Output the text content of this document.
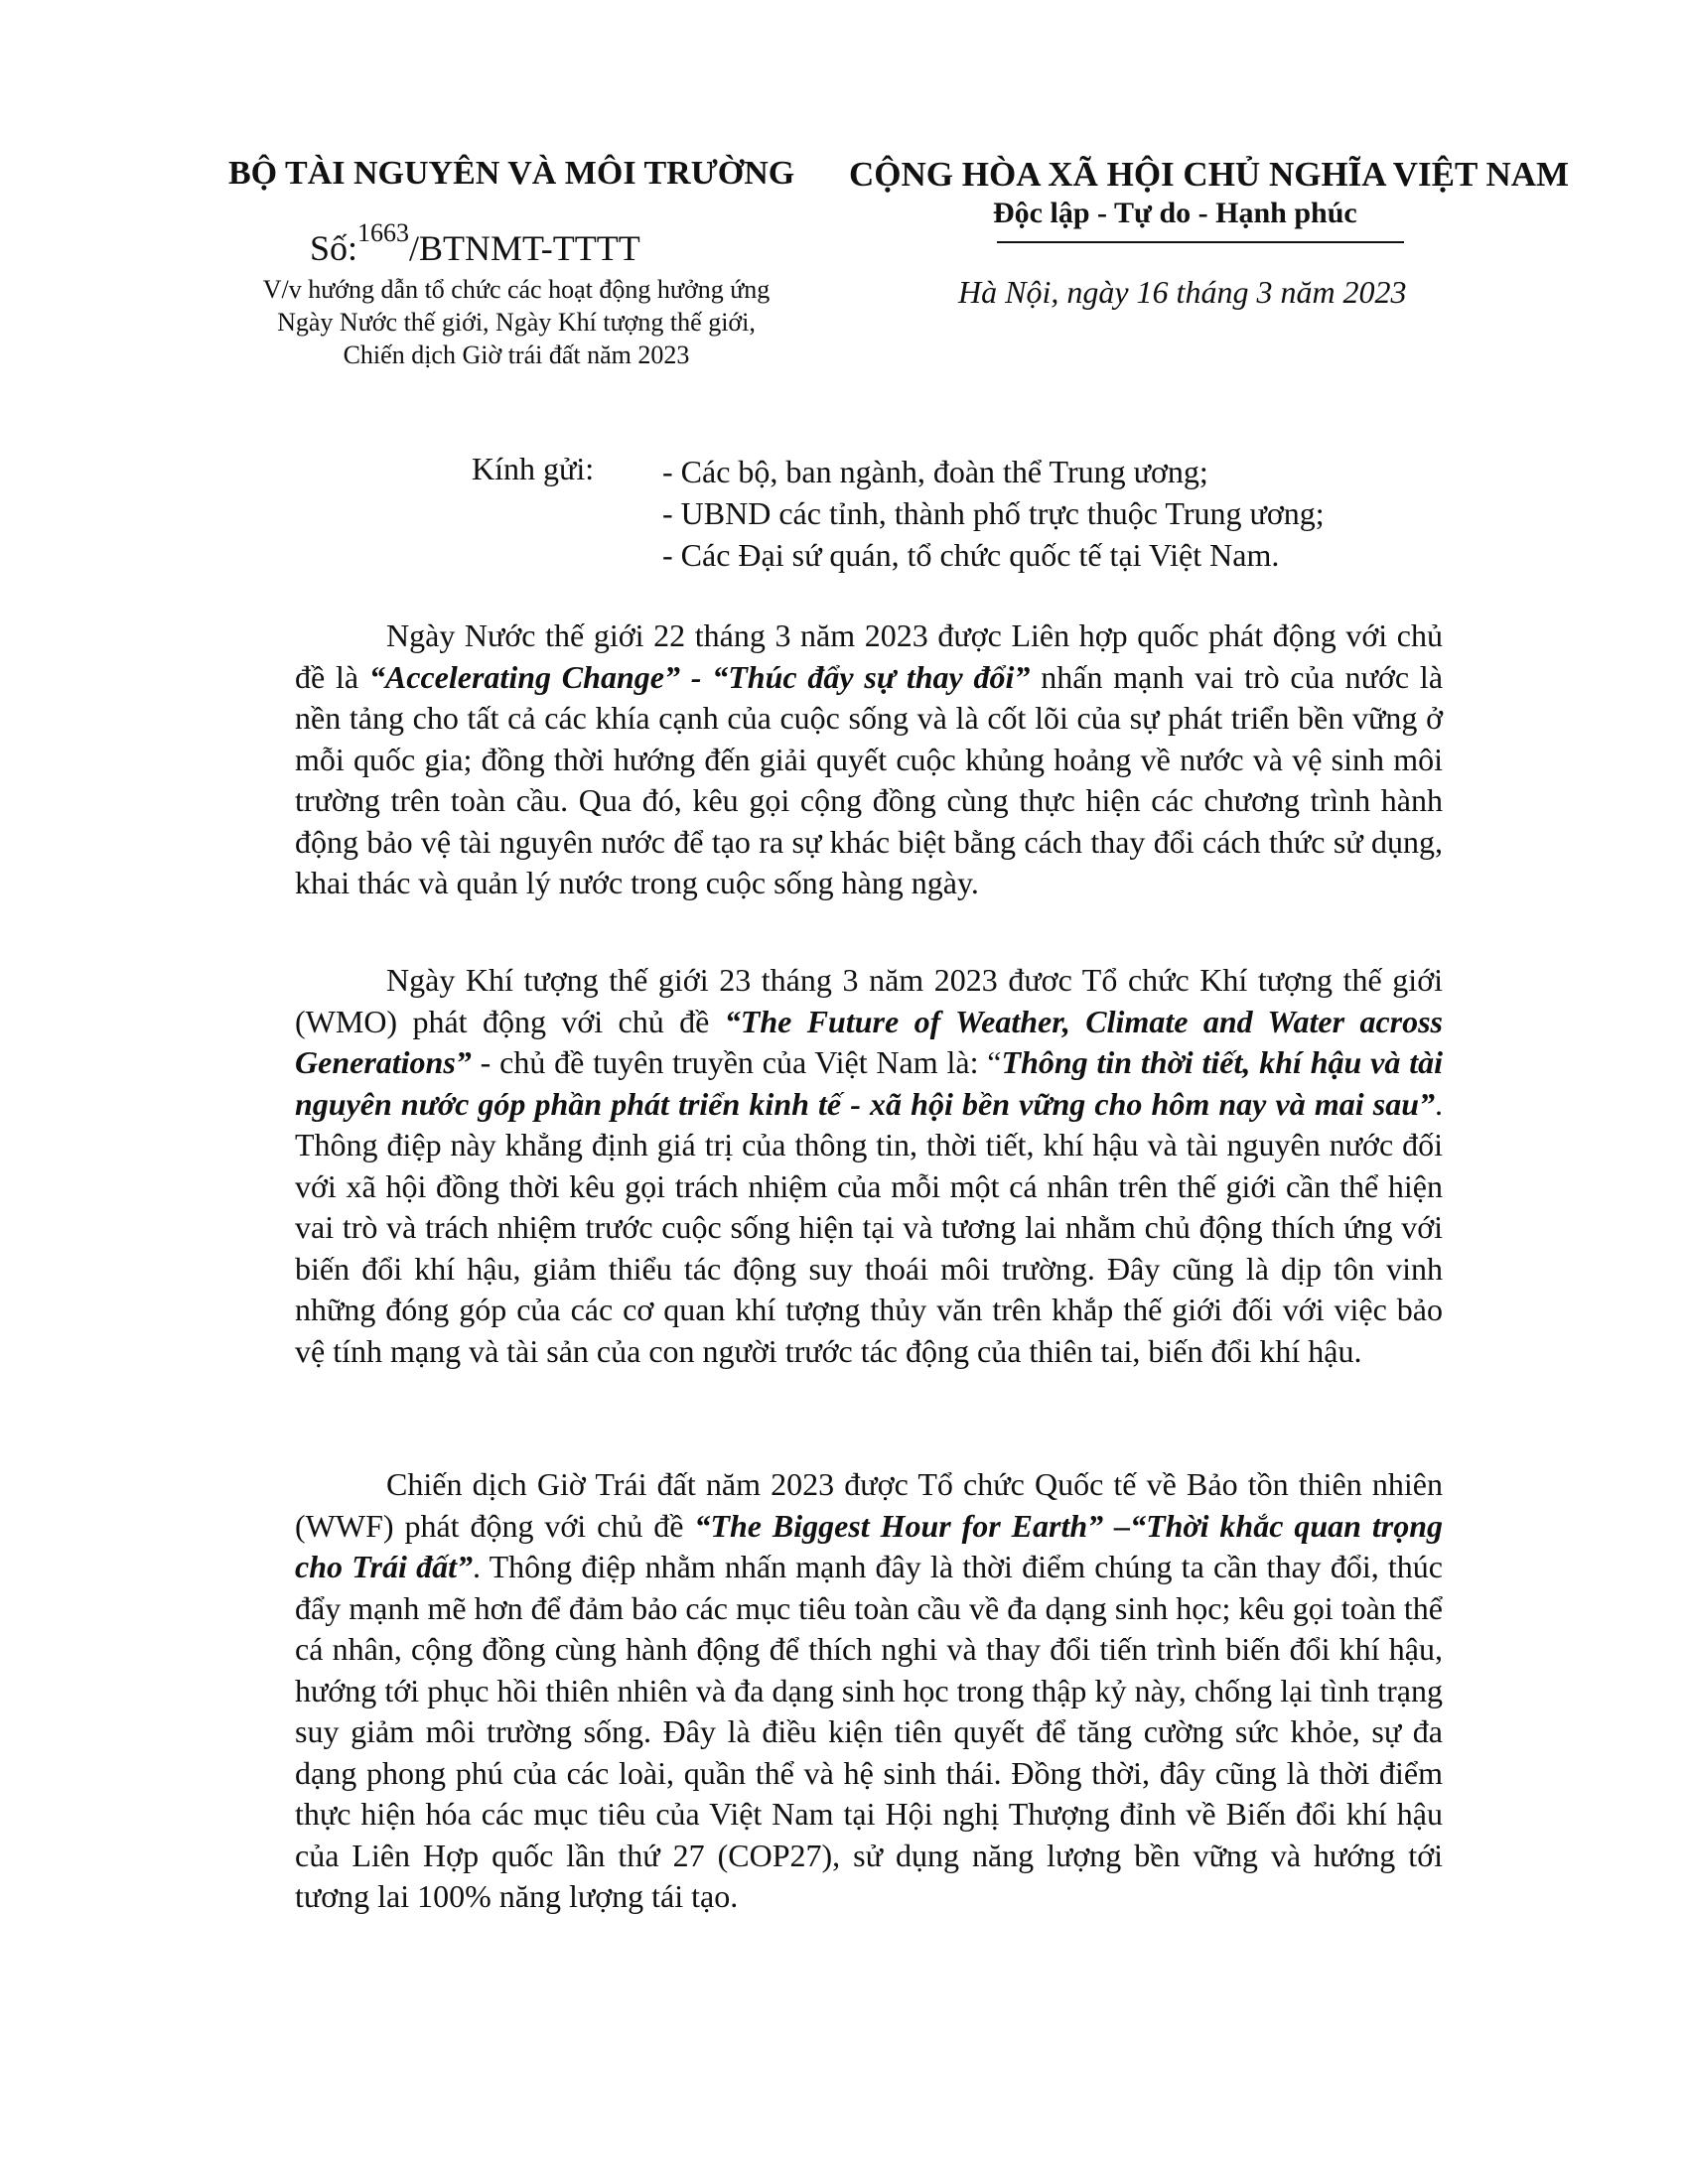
BỘ TÀI NGUYÊN VÀ MÔI TRƯỜNG CỘNG HÒA XÃ HỘI CHỦ NGHĨA VIỆT NAM
Độc lập - Tự do - Hạnh phúc
Số:$^{1663}$/BTNMT-TTTT
V/v hướng dẫn tổ chức các hoạt động hưởng ứng
Ngày Nước thế giới, Ngày Khí tượng thế giới,
Chiến dịch Giờ trái đất năm 2023
Hà Nội, ngày 16 tháng 3 năm 2023
Kính gửi: - Các bộ, ban ngành, đoàn thể Trung ương;
- UBND các tỉnh, thành phố trực thuộc Trung ương;
- Các Đại sứ quán, tổ chức quốc tế tại Việt Nam.

Ngày Nước thế giới 22 tháng 3 năm 2023 được Liên hợp quốc phát động với chủ đề là “Accelerating Change” - “Thúc đẩy sự thay đổi” nhấn mạnh vai trò của nước là nền tảng cho tất cả các khía cạnh của cuộc sống và là cốt lõi của sự phát triển bền vững ở mỗi quốc gia; đồng thời hướng đến giải quyết cuộc khủng hoảng về nước và vệ sinh môi trường trên toàn cầu. Qua đó, kêu gọi cộng đồng cùng thực hiện các chương trình hành động bảo vệ tài nguyên nước để tạo ra sự khác biệt bằng cách thay đổi cách thức sử dụng, khai thác và quản lý nước trong cuộc sống hàng ngày.

Ngày Khí tượng thế giới 23 tháng 3 năm 2023 đươc Tổ chức Khí tượng thế giới (WMO) phát động với chủ đề “The Future of Weather, Climate and Water across Generations” - chủ đề tuyên truyền của Việt Nam là: “Thông tin thời tiết, khí hậu và tài nguyên nước góp phần phát triển kinh tế - xã hội bền vững cho hôm nay và mai sau”. Thông điệp này khẳng định giá trị của thông tin, thời tiết, khí hậu và tài nguyên nước đối với xã hội đồng thời kêu gọi trách nhiệm của mỗi một cá nhân trên thế giới cần thể hiện vai trò và trách nhiệm trước cuộc sống hiện tại và tương lai nhằm chủ động thích ứng với biến đổi khí hậu, giảm thiểu tác động suy thoái môi trường. Đây cũng là dịp tôn vinh những đóng góp của các cơ quan khí tượng thủy văn trên khắp thế giới đối với việc bảo vệ tính mạng và tài sản của con người trước tác động của thiên tai, biến đổi khí hậu.

Chiến dịch Giờ Trái đất năm 2023 được Tổ chức Quốc tế về Bảo tồn thiên nhiên (WWF) phát động với chủ đề “The Biggest Hour for Earth” –“Thời khắc quan trọng cho Trái đất”. Thông điệp nhằm nhấn mạnh đây là thời điểm chúng ta cần thay đổi, thúc đẩy mạnh mẽ hơn để đảm bảo các mục tiêu toàn cầu về đa dạng sinh học; kêu gọi toàn thể cá nhân, cộng đồng cùng hành động để thích nghi và thay đổi tiến trình biến đổi khí hậu, hướng tới phục hồi thiên nhiên và đa dạng sinh học trong thập kỷ này, chống lại tình trạng suy giảm môi trường sống. Đây là điều kiện tiên quyết để tăng cường sức khỏe, sự đa dạng phong phú của các loài, quần thể và hệ sinh thái. Đồng thời, đây cũng là thời điểm thực hiện hóa các mục tiêu của Việt Nam tại Hội nghị Thượng đỉnh về Biến đổi khí hậu của Liên Hợp quốc lần thứ 27 (COP27), sử dụng năng lượng bền vững và hướng tới tương lai 100% năng lượng tái tạo.
